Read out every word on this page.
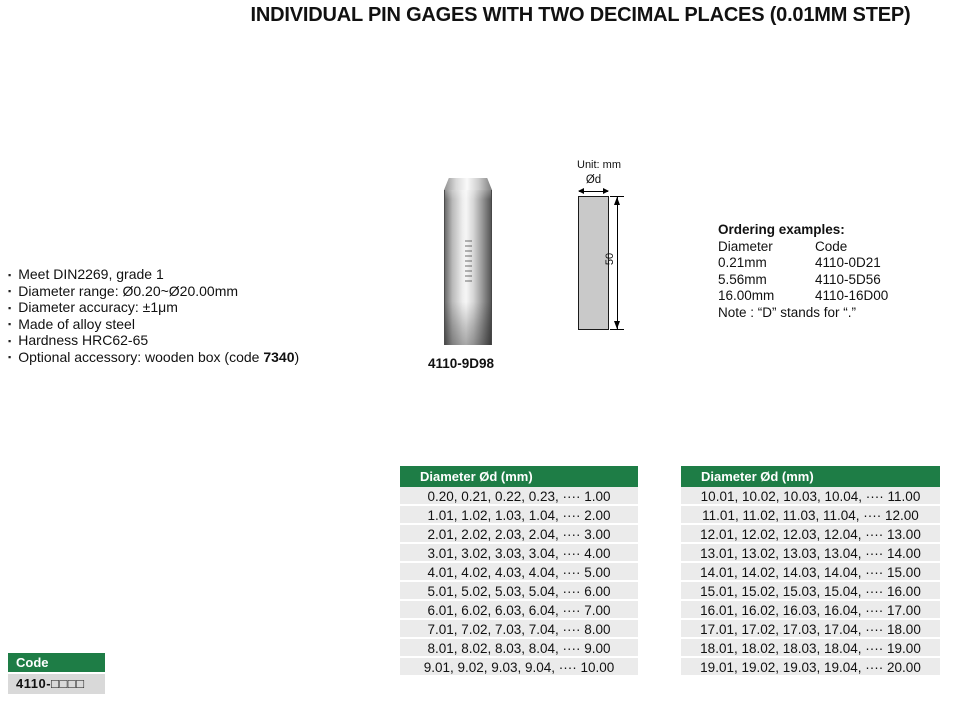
INDIVIDUAL PIN GAGES WITH TWO DECIMAL PLACES (0.01MM STEP)
▪ Meet DIN2269, grade 1
▪ Diameter range: Ø0.20~Ø20.00mm
▪ Diameter accuracy: ±1μm
▪ Made of alloy steel
▪ Hardness HRC62-65
▪ Optional accessory: wooden box (code 7340)	4110-9D98
Unit: mm
Ød
50
Ordering examples:
Diameter	Code
0.21mm	4110-0D21
5.56mm	4110-5D56
16.00mm	4110-16D00
Note : “D” stands for “.”
Diameter Ød (mm)
0.20, 0.21, 0.22, 0.23, ···· 1.00
1.01, 1.02, 1.03, 1.04, ···· 2.00
2.01, 2.02, 2.03, 2.04, ···· 3.00
3.01, 3.02, 3.03, 3.04, ···· 4.00
4.01, 4.02, 4.03, 4.04, ···· 5.00
5.01, 5.02, 5.03, 5.04, ···· 6.00
6.01, 6.02, 6.03, 6.04, ···· 7.00
7.01, 7.02, 7.03, 7.04, ···· 8.00
8.01, 8.02, 8.03, 8.04, ···· 9.00
9.01, 9.02, 9.03, 9.04, ···· 10.00
Diameter Ød (mm)
10.01, 10.02, 10.03, 10.04, ···· 11.00
11.01, 11.02, 11.03, 11.04, ···· 12.00
12.01, 12.02, 12.03, 12.04, ···· 13.00
13.01, 13.02, 13.03, 13.04, ···· 14.00
14.01, 14.02, 14.03, 14.04, ···· 15.00
15.01, 15.02, 15.03, 15.04, ···· 16.00
16.01, 16.02, 16.03, 16.04, ···· 17.00
17.01, 17.02, 17.03, 17.04, ···· 18.00
18.01, 18.02, 18.03, 18.04, ···· 19.00
19.01, 19.02, 19.03, 19.04, ···· 20.00
Code
4110-□□□□
